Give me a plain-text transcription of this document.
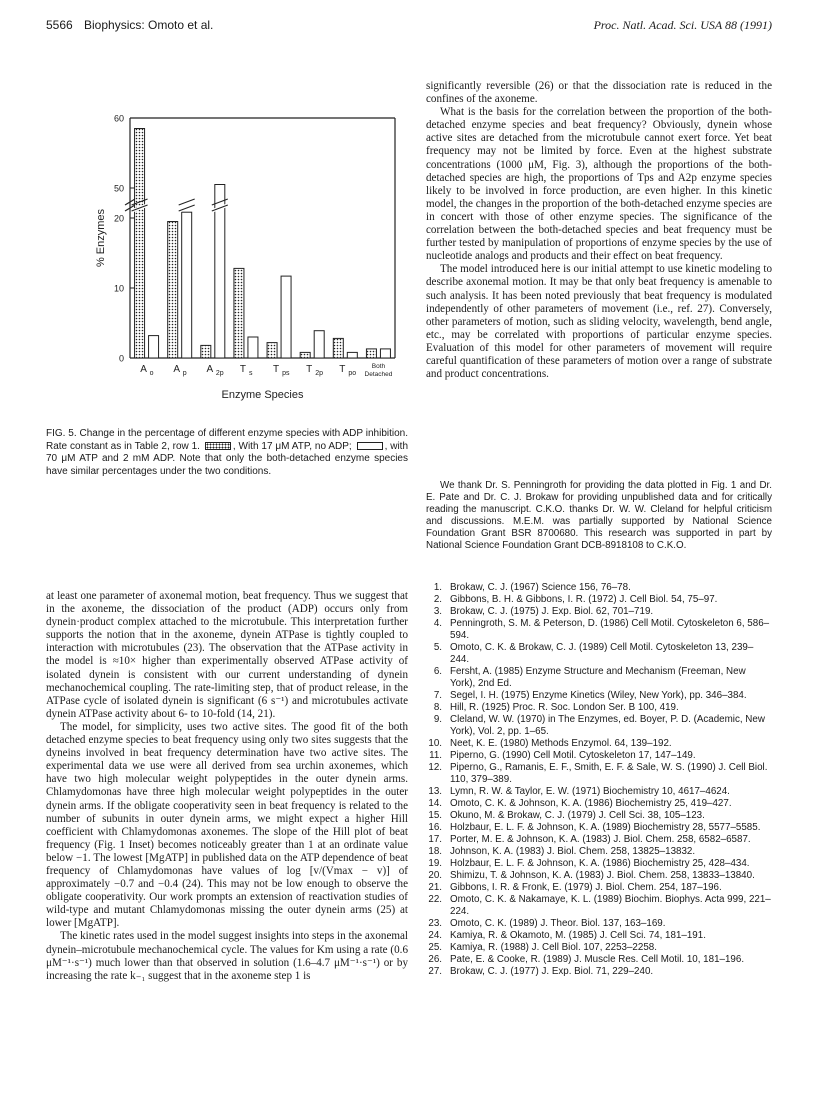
5566 Biophysics: Omoto et al.	Proc. Natl. Acad. Sci. USA 88 (1991)
0
10
20
50
60
% Enzymes
A o A p A 2p T s T ps T 2p T po
Both
Detached
Enzyme Species
FIG. 5. Change in the percentage of different enzyme species with ADP inhibition. Rate constant as in Table 2, row 1.	, With 17 μM ATP, no ADP;	, with 70 μM ATP and 2 mM ADP. Note that only the both-detached enzyme species have similar percentages under the two conditions.

at least one parameter of axonemal motion, beat frequency. Thus we suggest that in the axoneme, the dissociation of the product (ADP) occurs only from dynein·product complex attached to the microtubule. This interpretation further supports the notion that in the axoneme, dynein ATPase is tightly coupled to interaction with microtubules (23). The observation that the ATPase activity in the model is ≈10× higher than experimentally observed ATPase activity of isolated dynein is consistent with our current understanding of dynein mechanochemical coupling. The rate-limiting step, that of product release, in the ATPase cycle of isolated dynein is significant (6 s⁻¹) and microtubules activate dynein ATPase activity about 6- to 10-fold (14, 21).

The model, for simplicity, uses two active sites. The good fit of the both detached enzyme species to beat frequency using only two sites suggests that the dyneins involved in beat frequency determination have two active sites. The experimental data we use were all derived from sea urchin axonemes, which have two high molecular weight polypeptides in the outer dynein arms. Chlamydomonas have three high molecular weight polypeptides in the outer dynein arms. If the obligate cooperativity seen in beat frequency is related to the number of subunits in outer dynein arms, we might expect a higher Hill coefficient with Chlamydomonas axonemes. The slope of the Hill plot of beat frequency (Fig. 1 Inset) becomes noticeably greater than 1 at an ordinate value below −1. The lowest [MgATP] in published data on the ATP dependence of beat frequency of Chlamydomonas have values of log [v/(Vmax − v)] of approximately −0.7 and −0.4 (24). This may not be low enough to observe the obligate cooperativity. Our work prompts an extension of reactivation studies of wild-type and mutant Chlamydomonas missing the outer dynein arms (25) at lower [MgATP].

The kinetic rates used in the model suggest insights into steps in the axonemal dynein–microtubule mechanochemical cycle. The values for Km using a rate (0.6 μM⁻¹·s⁻¹) much lower than that observed in solution (1.6–4.7 μM⁻¹·s⁻¹) or by increasing the rate k₋₁ suggest that in the axoneme step 1 is

significantly reversible (26) or that the dissociation rate is reduced in the confines of the axoneme.

What is the basis for the correlation between the proportion of the both-detached enzyme species and beat frequency? Obviously, dynein whose active sites are detached from the microtubule cannot exert force. Yet beat frequency may not be limited by force. Even at the highest substrate concentrations (1000 μM, Fig. 3), although the proportions of the both-detached species are high, the proportions of Tps and A2p enzyme species likely to be involved in force production, are even higher. In this kinetic model, the changes in the proportion of the both-detached enzyme species are in concert with those of other enzyme species. The significance of the correlation between the both-detached species and beat frequency must be further tested by manipulation of proportions of enzyme species by the use of nucleotide analogs and products and their effect on beat frequency.

The model introduced here is our initial attempt to use kinetic modeling to describe axonemal motion. It may be that only beat frequency is amenable to such analysis. It has been noted previously that beat frequency is modulated independently of other parameters of movement (i.e., ref. 27). Conversely, other parameters of motion, such as sliding velocity, wavelength, bend angle, etc., may be correlated with proportions of particular enzyme species. Evaluation of this model for other parameters of movement will require careful quantification of these parameters of motion over a range of substrate and product concentrations.

We thank Dr. S. Penningroth for providing the data plotted in Fig. 1 and Dr. E. Pate and Dr. C. J. Brokaw for providing unpublished data and for critically reading the manuscript. C.K.O. thanks Dr. W. W. Cleland for helpful criticism and discussions. M.E.M. was partially supported by National Science Foundation Grant BSR 8700680. This research was supported in part by National Science Foundation Grant DCB-8918108 to C.K.O.
1. Brokaw, C. J. (1967) Science 156, 76–78.
2. Gibbons, B. H. & Gibbons, I. R. (1972) J. Cell Biol. 54, 75–97.
3. Brokaw, C. J. (1975) J. Exp. Biol. 62, 701–719.
4. Penningroth, S. M. & Peterson, D. (1986) Cell Motil. Cytoskeleton 6, 586–594.
5. Omoto, C. K. & Brokaw, C. J. (1989) Cell Motil. Cytoskeleton 13, 239–244.
6. Fersht, A. (1985) Enzyme Structure and Mechanism (Freeman, New York), 2nd Ed.
7. Segel, I. H. (1975) Enzyme Kinetics (Wiley, New York), pp. 346–384.
8. Hill, R. (1925) Proc. R. Soc. London Ser. B 100, 419.
9. Cleland, W. W. (1970) in The Enzymes, ed. Boyer, P. D. (Academic, New York), Vol. 2, pp. 1–65.
10. Neet, K. E. (1980) Methods Enzymol. 64, 139–192.
11. Piperno, G. (1990) Cell Motil. Cytoskeleton 17, 147–149.
12. Piperno, G., Ramanis, E. F., Smith, E. F. & Sale, W. S. (1990) J. Cell Biol. 110, 379–389.
13. Lymn, R. W. & Taylor, E. W. (1971) Biochemistry 10, 4617–4624.
14. Omoto, C. K. & Johnson, K. A. (1986) Biochemistry 25, 419–427.
15. Okuno, M. & Brokaw, C. J. (1979) J. Cell Sci. 38, 105–123.
16. Holzbaur, E. L. F. & Johnson, K. A. (1989) Biochemistry 28, 5577–5585.
17. Porter, M. E. & Johnson, K. A. (1983) J. Biol. Chem. 258, 6582–6587.
18. Johnson, K. A. (1983) J. Biol. Chem. 258, 13825–13832.
19. Holzbaur, E. L. F. & Johnson, K. A. (1986) Biochemistry 25, 428–434.
20. Shimizu, T. & Johnson, K. A. (1983) J. Biol. Chem. 258, 13833–13840.
21. Gibbons, I. R. & Fronk, E. (1979) J. Biol. Chem. 254, 187–196.
22. Omoto, C. K. & Nakamaye, K. L. (1989) Biochim. Biophys. Acta 999, 221–224.
23. Omoto, C. K. (1989) J. Theor. Biol. 137, 163–169.
24. Kamiya, R. & Okamoto, M. (1985) J. Cell Sci. 74, 181–191.
25. Kamiya, R. (1988) J. Cell Biol. 107, 2253–2258.
26. Pate, E. & Cooke, R. (1989) J. Muscle Res. Cell Motil. 10, 181–196.
27. Brokaw, C. J. (1977) J. Exp. Biol. 71, 229–240.
